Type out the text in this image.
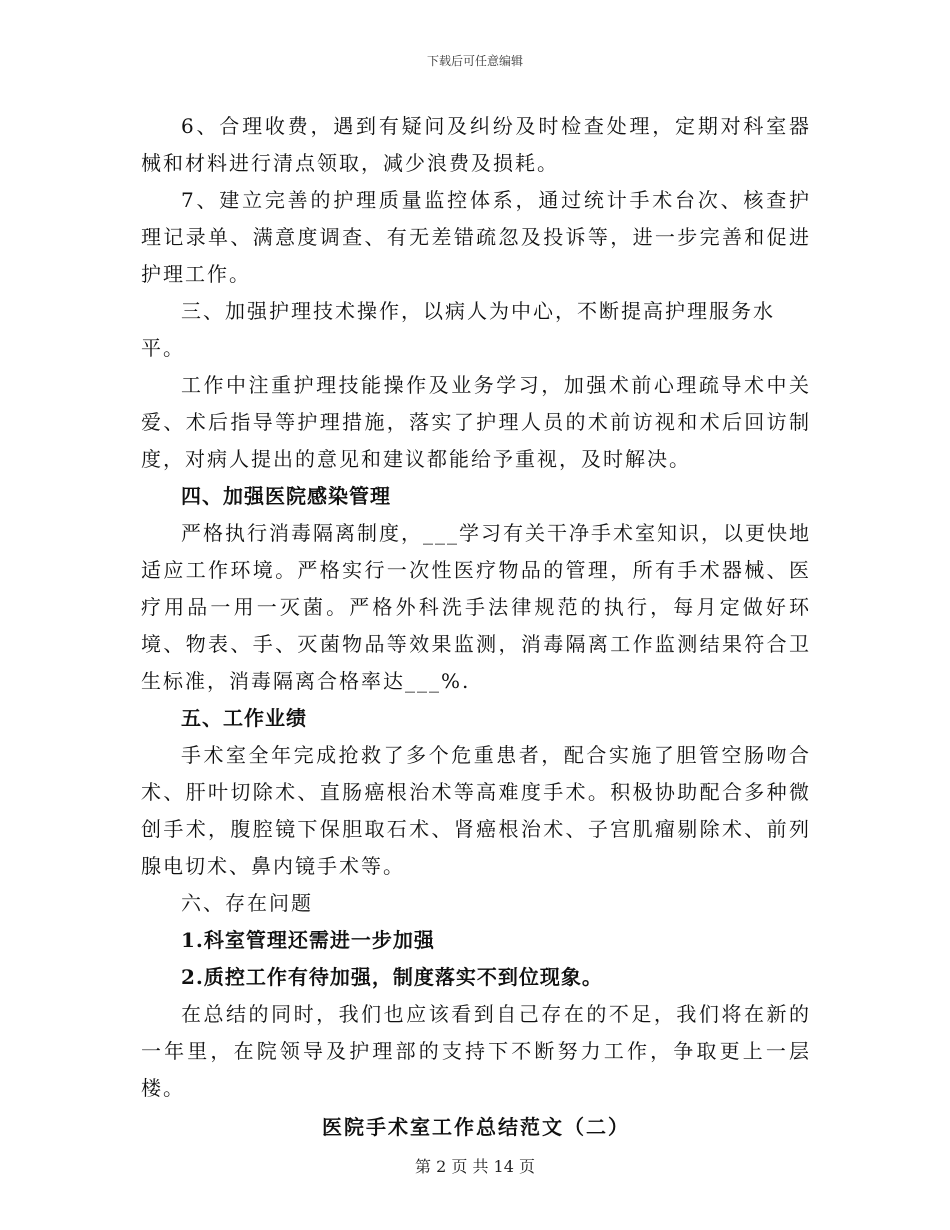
下载后可任意编辑

6、合理收费，遇到有疑问及纠纷及时检查处理，定期对科室器械和材料进行清点领取，减少浪费及损耗。

7、建立完善的护理质量监控体系，通过统计手术台次、核查护理记录单、满意度调查、有无差错疏忽及投诉等，进一步完善和促进护理工作。

三、加强护理技术操作，以病人为中心，不断提高护理服务水平。

工作中注重护理技能操作及业务学习，加强术前心理疏导术中关爱、术后指导等护理措施，落实了护理人员的术前访视和术后回访制度，对病人提出的意见和建议都能给予重视，及时解决。

四、加强医院感染管理

严格执行消毒隔离制度，___学习有关干净手术室知识，以更快地适应工作环境。严格实行一次性医疗物品的管理，所有手术器械、医疗用品一用一灭菌。严格外科洗手法律规范的执行，每月定做好环境、物表、手、灭菌物品等效果监测，消毒隔离工作监测结果符合卫生标准，消毒隔离合格率达___%.

五、工作业绩

手术室全年完成抢救了多个危重患者，配合实施了胆管空肠吻合术、肝叶切除术、直肠癌根治术等高难度手术。积极协助配合多种微创手术，腹腔镜下保胆取石术、肾癌根治术、子宫肌瘤剔除术、前列腺电切术、鼻内镜手术等。

六、存在问题

1.科室管理还需进一步加强

2.质控工作有待加强，制度落实不到位现象。

在总结的同时，我们也应该看到自己存在的不足，我们将在新的一年里，在院领导及护理部的支持下不断努力工作，争取更上一层楼。

医院手术室工作总结范文（二）

第 2 页 共 14 页
